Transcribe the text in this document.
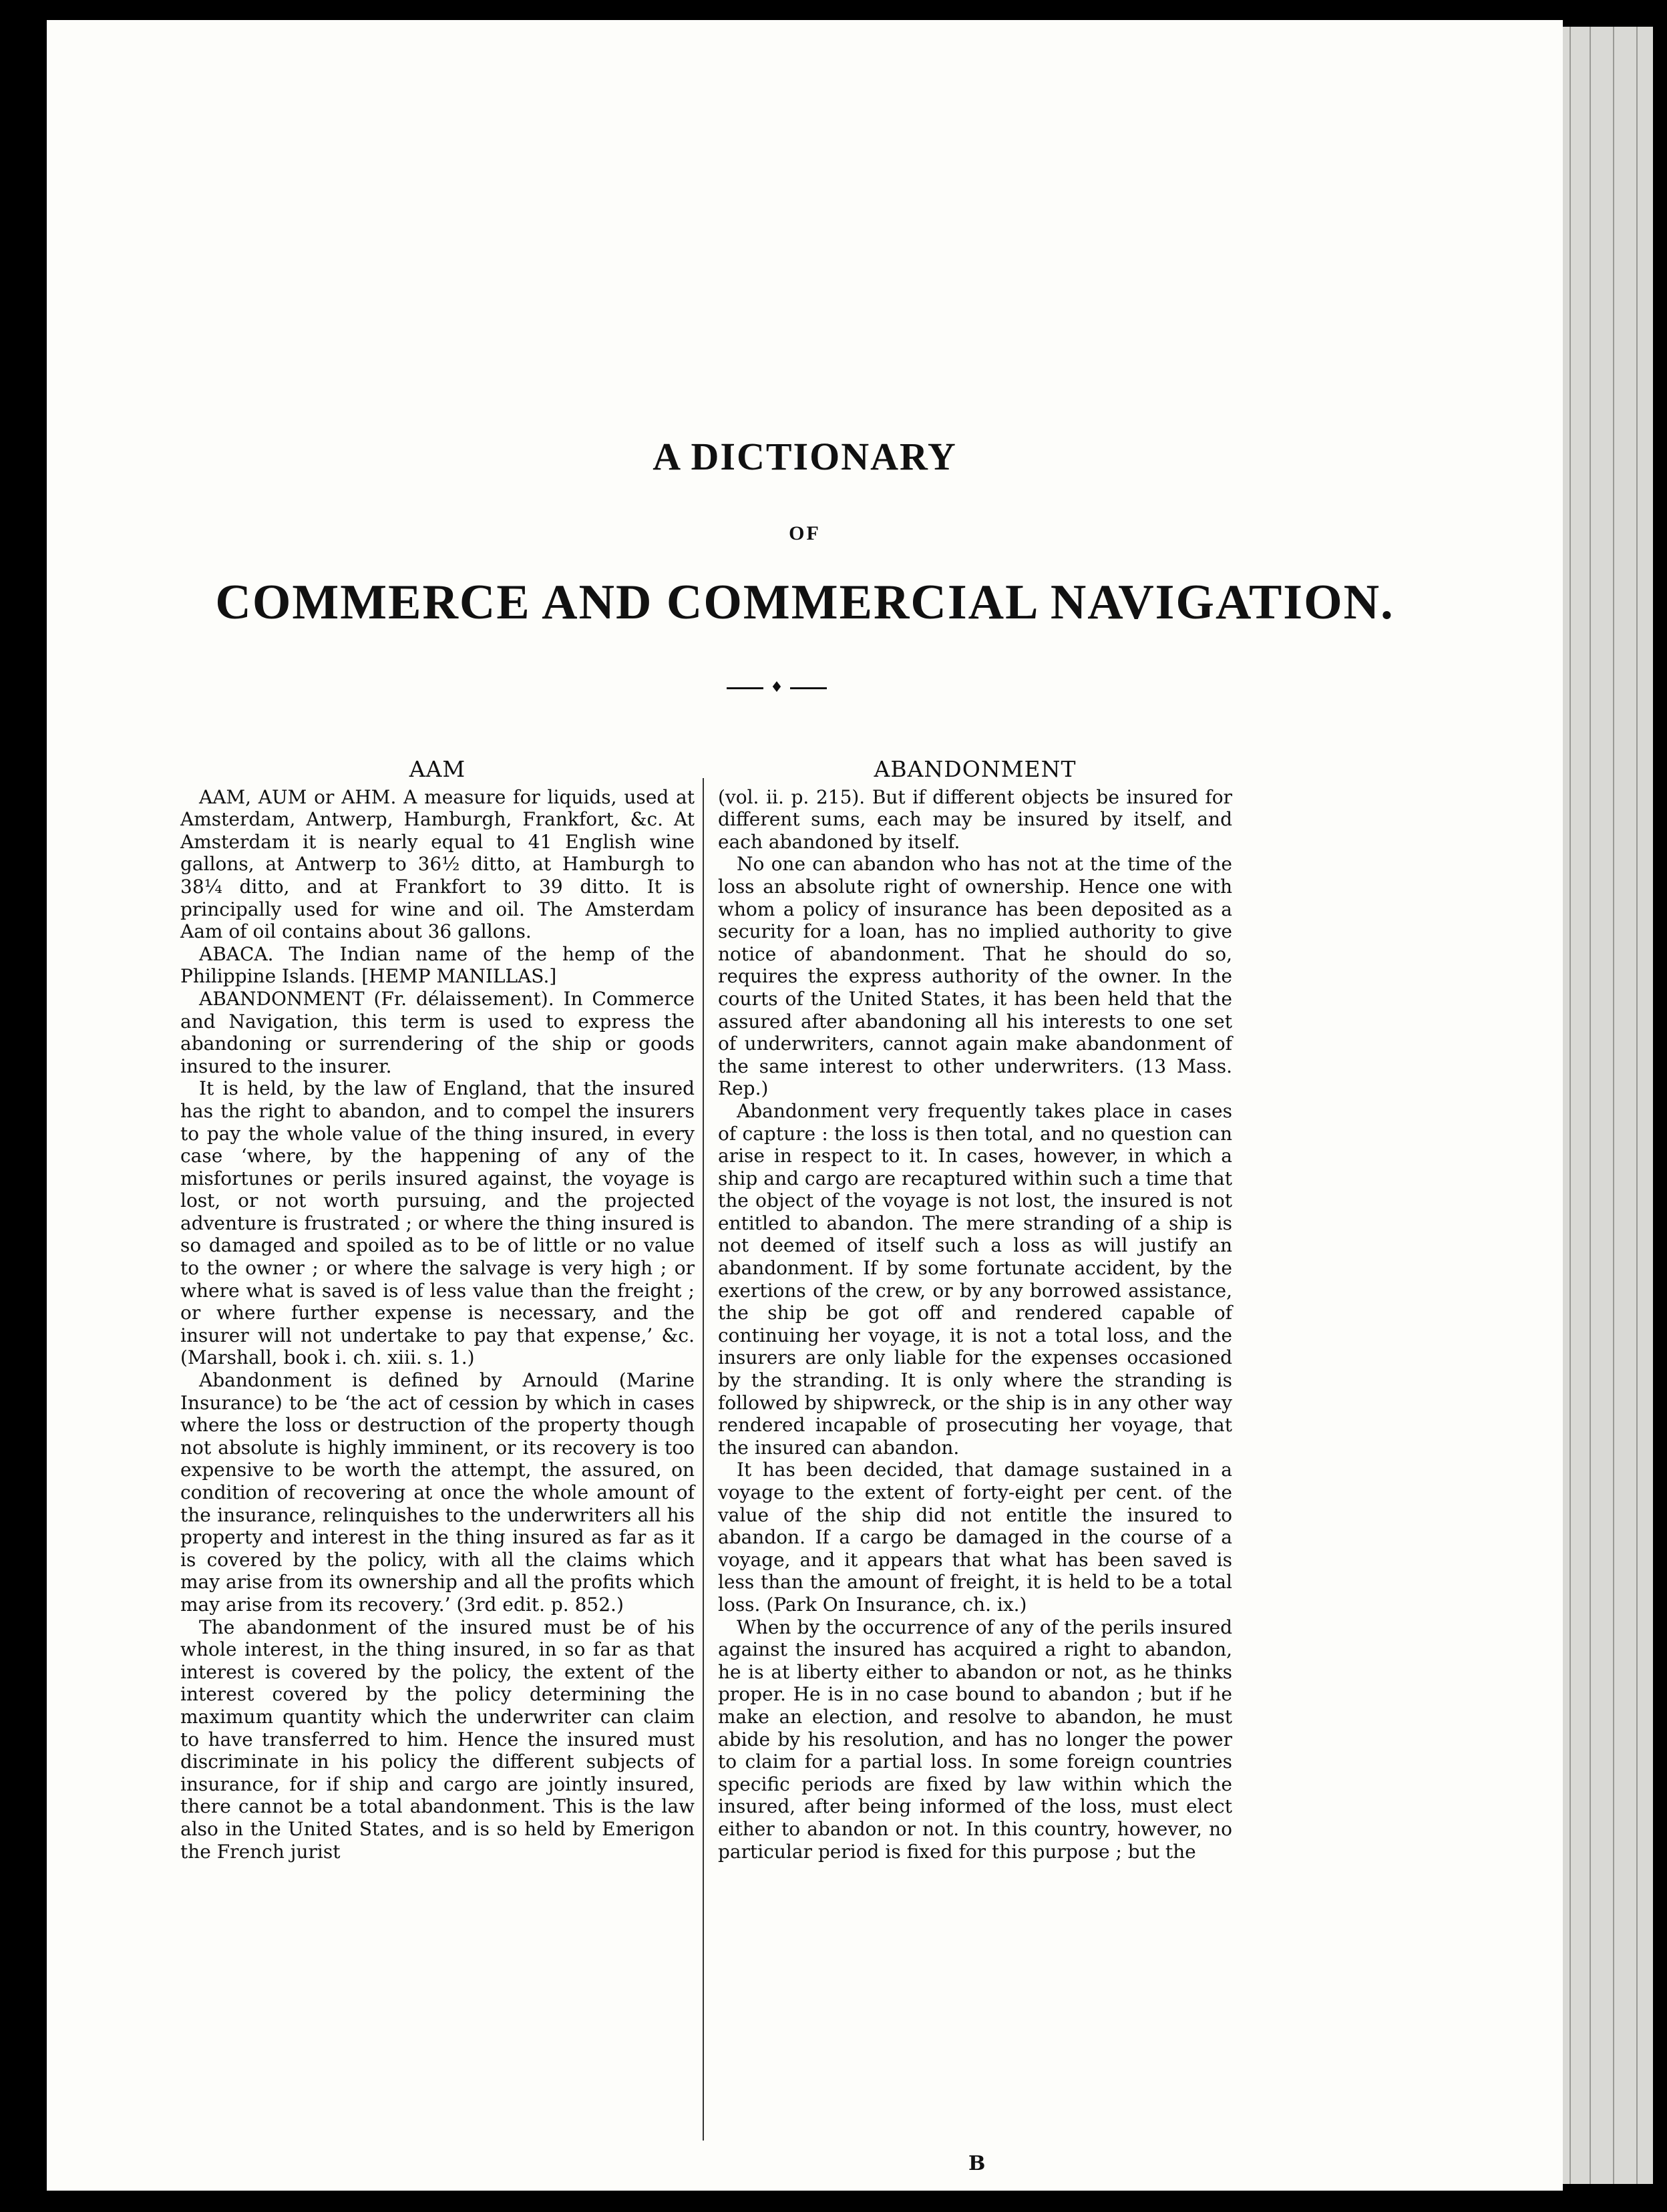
A DICTIONARY
OF
COMMERCE AND COMMERCIAL NAVIGATION.
♦
AAM

AAM, AUM or AHM. A measure for liquids, used at Amsterdam, Antwerp, Hamburgh, Frankfort, &c. At Amsterdam it is nearly equal to 41 English wine gallons, at Antwerp to 36½ ditto, at Hamburgh to 38¼ ditto, and at Frankfort to 39 ditto. It is principally used for wine and oil. The Amsterdam Aam of oil contains about 36 gallons.

ABACA. The Indian name of the hemp of the Philippine Islands. [HEMP MANILLAS.]

ABANDONMENT (Fr. délaissement). In Commerce and Navigation, this term is used to express the abandoning or surrendering of the ship or goods insured to the insurer.

It is held, by the law of England, that the insured has the right to abandon, and to compel the insurers to pay the whole value of the thing insured, in every case ‘where, by the happening of any of the misfortunes or perils insured against, the voyage is lost, or not worth pursuing, and the projected adventure is frustrated ; or where the thing insured is so damaged and spoiled as to be of little or no value to the owner ; or where the salvage is very high ; or where what is saved is of less value than the freight ; or where further expense is necessary, and the insurer will not undertake to pay that expense,’ &c. (Marshall, book i. ch. xiii. s. 1.)

Abandonment is defined by Arnould (Marine Insurance) to be ‘the act of cession by which in cases where the loss or destruction of the property though not absolute is highly imminent, or its recovery is too expensive to be worth the attempt, the assured, on condition of recovering at once the whole amount of the insurance, relinquishes to the underwriters all his property and interest in the thing insured as far as it is covered by the policy, with all the claims which may arise from its ownership and all the profits which may arise from its recovery.’ (3rd edit. p. 852.)

The abandonment of the insured must be of his whole interest, in the thing insured, in so far as that interest is covered by the policy, the extent of the interest covered by the policy determining the maximum quantity which the underwriter can claim to have transferred to him. Hence the insured must discriminate in his policy the different subjects of insurance, for if ship and cargo are jointly insured, there cannot be a total abandonment. This is the law also in the United States, and is so held by Emerigon the French jurist

ABANDONMENT

(vol. ii. p. 215). But if different objects be insured for different sums, each may be insured by itself, and each abandoned by itself.

No one can abandon who has not at the time of the loss an absolute right of ownership. Hence one with whom a policy of insurance has been deposited as a security for a loan, has no implied authority to give notice of abandonment. That he should do so, requires the express authority of the owner. In the courts of the United States, it has been held that the assured after abandoning all his interests to one set of underwriters, cannot again make abandonment of the same interest to other underwriters. (13 Mass. Rep.)

Abandonment very frequently takes place in cases of capture : the loss is then total, and no question can arise in respect to it. In cases, however, in which a ship and cargo are recaptured within such a time that the object of the voyage is not lost, the insured is not entitled to abandon. The mere stranding of a ship is not deemed of itself such a loss as will justify an abandonment. If by some fortunate accident, by the exertions of the crew, or by any borrowed assistance, the ship be got off and rendered capable of continuing her voyage, it is not a total loss, and the insurers are only liable for the expenses occasioned by the stranding. It is only where the stranding is followed by shipwreck, or the ship is in any other way rendered incapable of prosecuting her voyage, that the insured can abandon.

It has been decided, that damage sustained in a voyage to the extent of forty-eight per cent. of the value of the ship did not entitle the insured to abandon. If a cargo be damaged in the course of a voyage, and it appears that what has been saved is less than the amount of freight, it is held to be a total loss. (Park On Insurance, ch. ix.)

When by the occurrence of any of the perils insured against the insured has acquired a right to abandon, he is at liberty either to abandon or not, as he thinks proper. He is in no case bound to abandon ; but if he make an election, and resolve to abandon, he must abide by his resolution, and has no longer the power to claim for a partial loss. In some foreign countries specific periods are fixed by law within which the insured, after being informed of the loss, must elect either to abandon or not. In this country, however, no particular period is fixed for this purpose ; but the

B
